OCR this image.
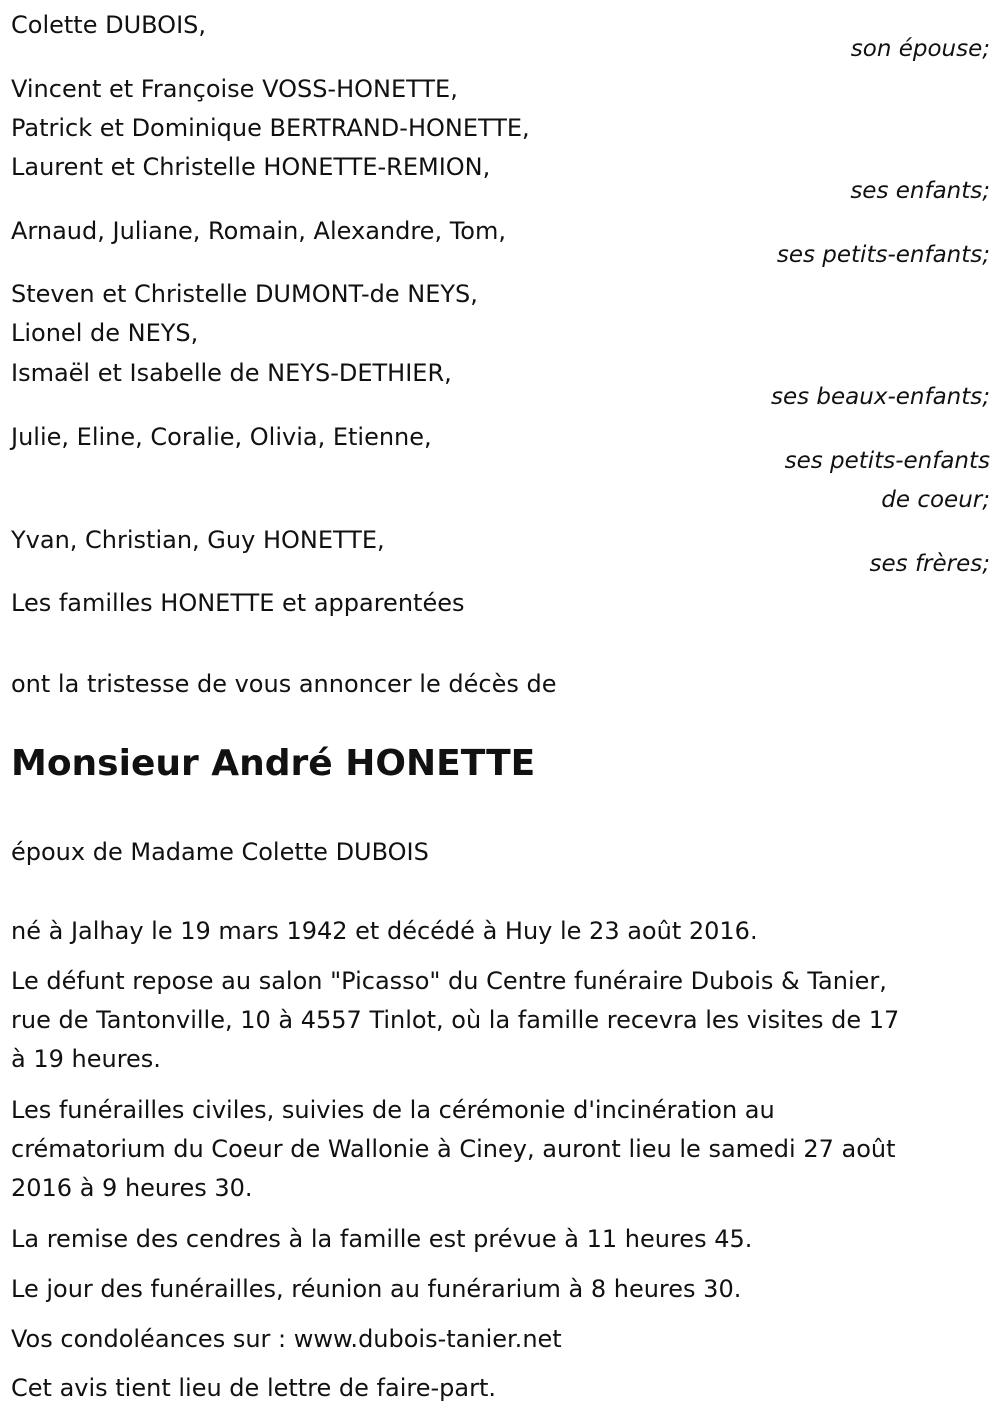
Colette DUBOIS,

son épouse;

Vincent et Françoise VOSS-HONETTE,

Patrick et Dominique BERTRAND-HONETTE,

Laurent et Christelle HONETTE-REMION,

ses enfants;

Arnaud, Juliane, Romain, Alexandre, Tom,

ses petits-enfants;

Steven et Christelle DUMONT-de NEYS,

Lionel de NEYS,

Ismaël et Isabelle de NEYS-DETHIER,

ses beaux-enfants;

Julie, Eline, Coralie, Olivia, Etienne,

ses petits-enfants
de coeur;

Yvan, Christian, Guy HONETTE,

ses frères;

Les familles HONETTE et apparentées

ont la tristesse de vous annoncer le décès de

Monsieur André HONETTE

époux de Madame Colette DUBOIS

né à Jalhay le 19 mars 1942 et décédé à Huy le 23 août 2016.

Le défunt repose au salon "Picasso" du Centre funéraire Dubois & Tanier,
rue de Tantonville, 10 à 4557 Tinlot, où la famille recevra les visites de 17
à 19 heures.

Les funérailles civiles, suivies de la cérémonie d'incinération au
crématorium du Coeur de Wallonie à Ciney, auront lieu le samedi 27 août
2016 à 9 heures 30.

La remise des cendres à la famille est prévue à 11 heures 45.

Le jour des funérailles, réunion au funérarium à 8 heures 30.

Vos condoléances sur : www.dubois-tanier.net

Cet avis tient lieu de lettre de faire-part.
